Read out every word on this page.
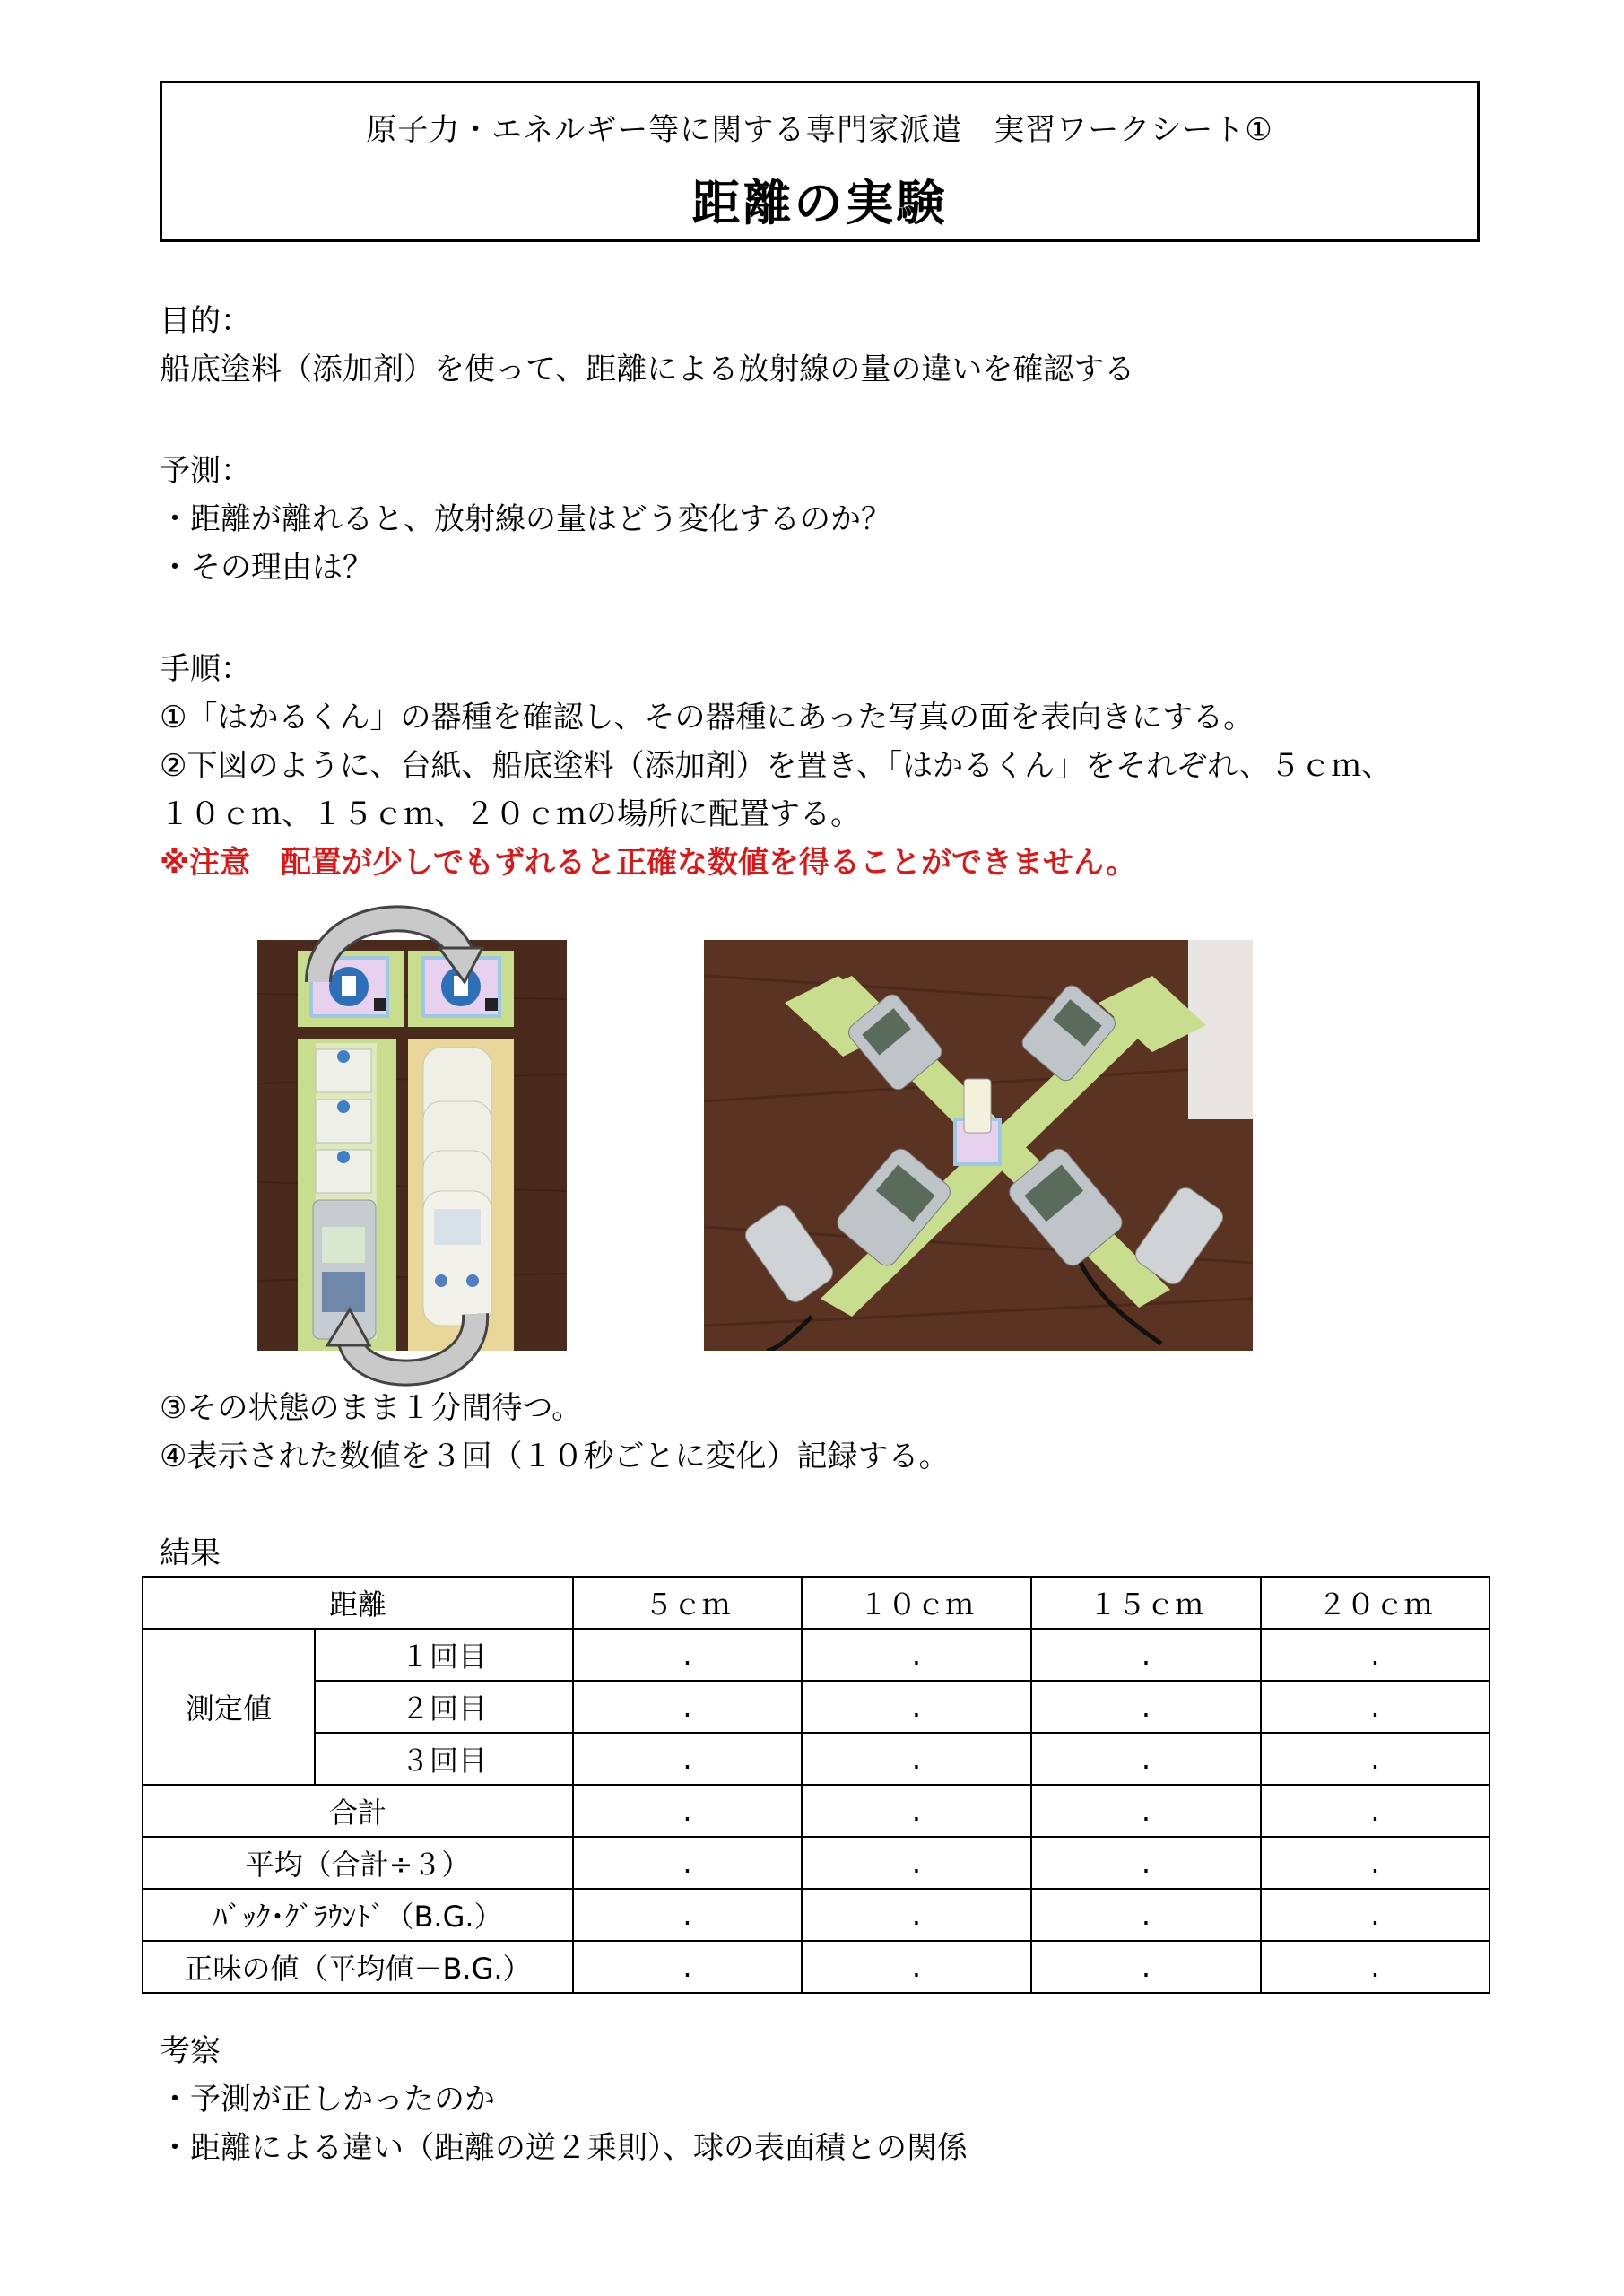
原子力・エネルギー等に関する専門家派遣　実習ワークシート①
距離の実験
目的：
船底塗料（添加剤）を使って、距離による放射線の量の違いを確認する
予測：
・距離が離れると、放射線の量はどう変化するのか？
・その理由は？
手順：
①「はかるくん」の器種を確認し、その器種にあった写真の面を表向きにする。
②下図のように、台紙、船底塗料（添加剤）を置き、「はかるくん」をそれぞれ、５ｃｍ、
１０ｃｍ、１５ｃｍ、２０ｃｍの場所に配置する。
※注意　配置が少しでもずれると正確な数値を得ることができません。
③その状態のまま１分間待つ。
④表示された数値を３回（１０秒ごとに変化）記録する。
結果
距離		５ｃｍ	１０ｃｍ	１５ｃｍ	２０ｃｍ
測定値	１回目	.	.	.	.
	２回目	.	.	.	.
	３回目	.	.	.	.
合計		.	.	.	.
平均（合計÷３）		.	.	.	.
ﾊﾞｯｸ･ｸﾞﾗｳﾝﾄﾞ（B.G.）		.	.	.	.
正味の値（平均値－B.G.）		.	.	.	.
考察
・予測が正しかったのか
・距離による違い（距離の逆２乗則）、球の表面積との関係
